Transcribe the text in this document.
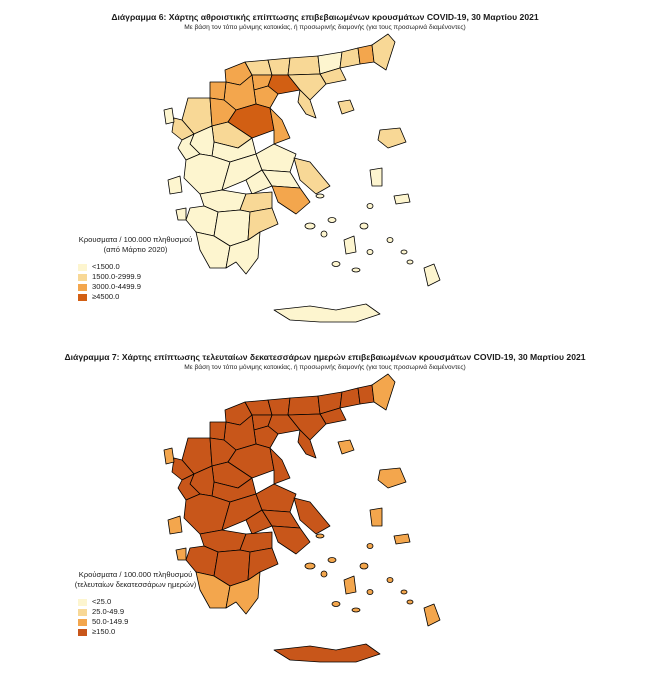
Διάγραμμα 6: Χάρτης αθροιστικής επίπτωσης επιβεβαιωμένων κρουσμάτων COVID-19, 30 Μαρτίου 2021
Με βάση τον τόπο μόνιμης κατοικίας, ή προσωρινής διαμονής (για τους προσωρινά διαμένοντες)
Κρουσματα / 100.000 πληθυσμού
(από Μάρτιο 2020)
<1500.0
1500.0-2999.9
3000.0-4499.9
≥4500.0
Διάγραμμα 7: Χάρτης επίπτωσης τελευταίων δεκατεσσάρων ημερών επιβεβαιωμένων κρουσμάτων COVID-19, 30 Μαρτίου 2021
Με βάση τον τόπο μόνιμης κατοικίας, ή προσωρινής διαμονής (για τους προσωρινά διαμένοντες)
Κρούσματα / 100.000 πληθυσμού
(τελευταίων δεκατεσσάρων ημερών)
<25.0
25.0-49.9
50.0-149.9
≥150.0
